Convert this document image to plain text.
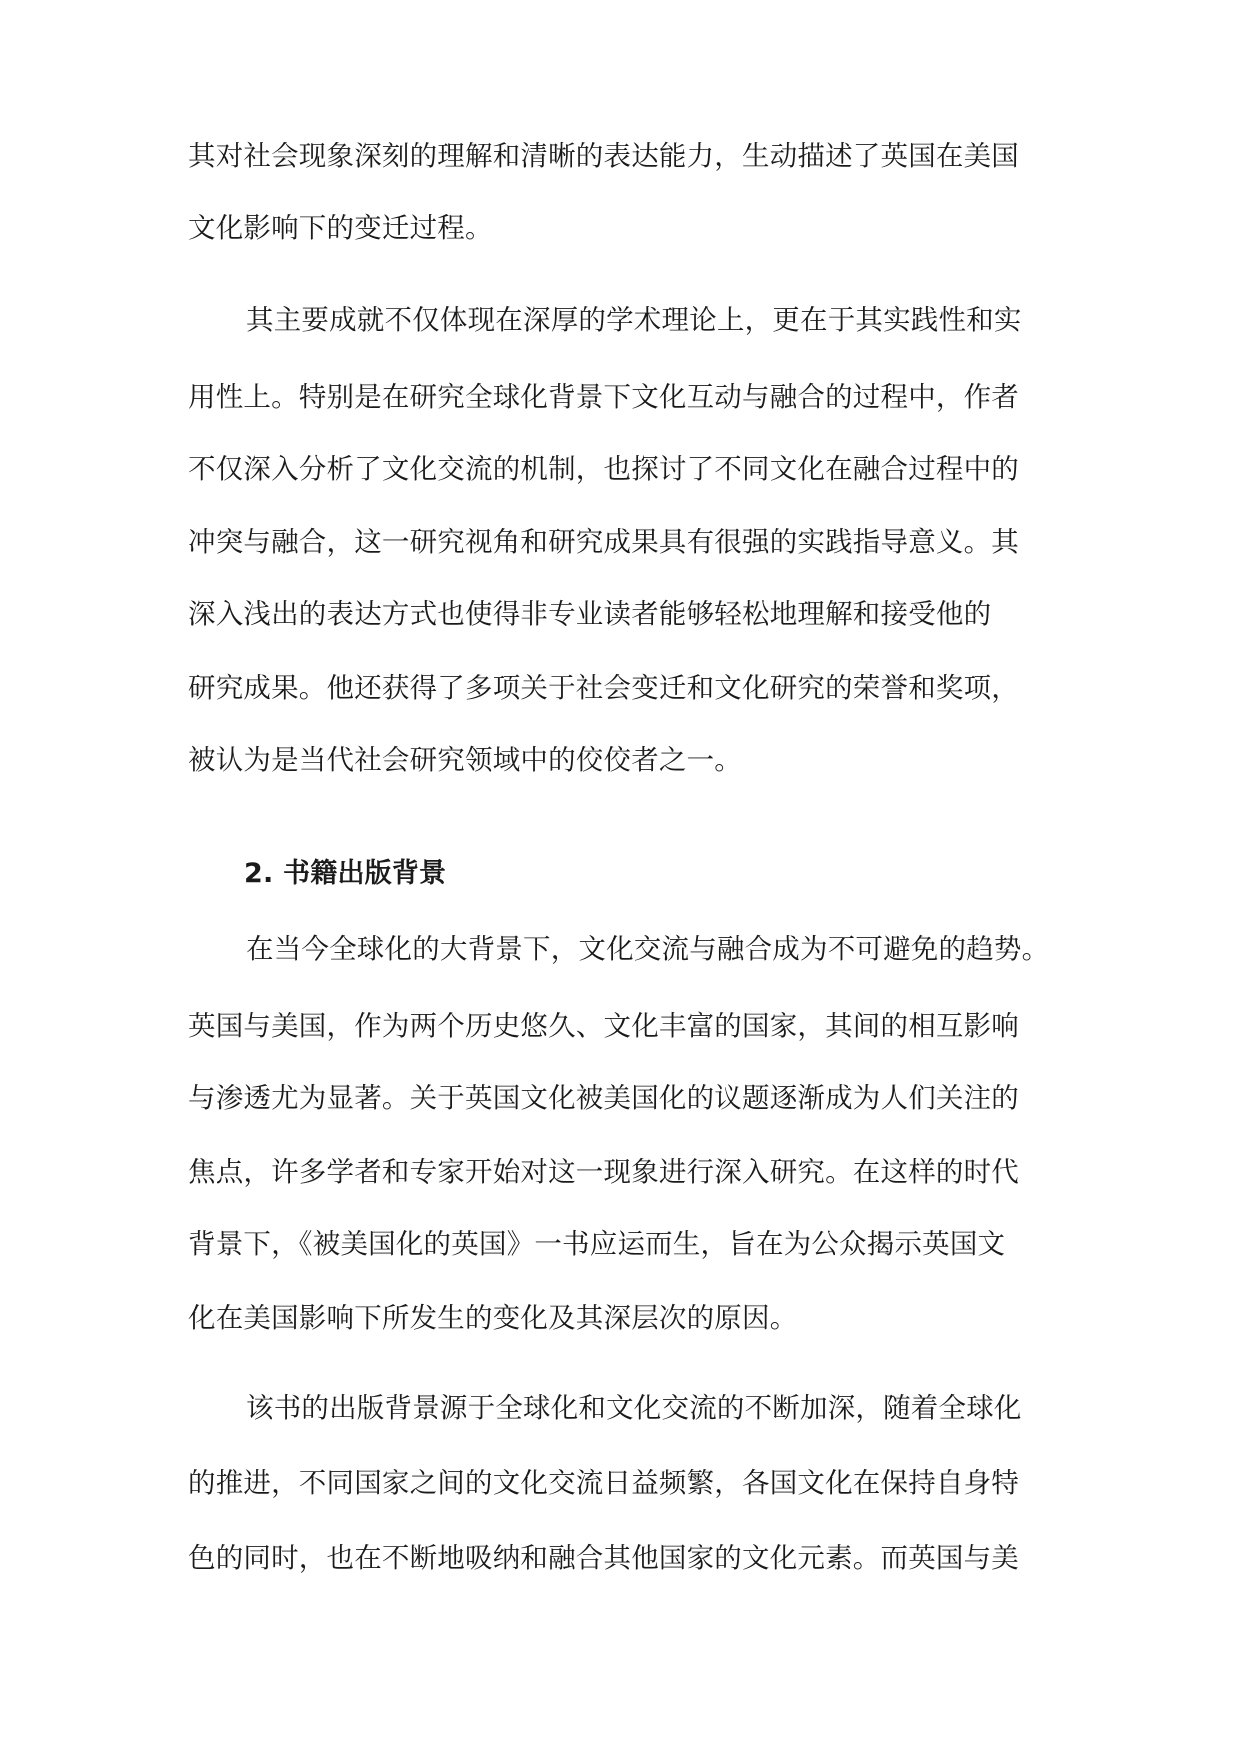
其对社会现象深刻的理解和清晰的表达能力，生动描述了英国在美国
文化影响下的变迁过程。
其主要成就不仅体现在深厚的学术理论上，更在于其实践性和实
用性上。特别是在研究全球化背景下文化互动与融合的过程中，作者
不仅深入分析了文化交流的机制，也探讨了不同文化在融合过程中的
冲突与融合，这一研究视角和研究成果具有很强的实践指导意义。其
深入浅出的表达方式也使得非专业读者能够轻松地理解和接受他的
研究成果。他还获得了多项关于社会变迁和文化研究的荣誉和奖项，
被认为是当代社会研究领域中的佼佼者之一。
2. 书籍出版背景
在当今全球化的大背景下，文化交流与融合成为不可避免的趋势。
英国与美国，作为两个历史悠久、文化丰富的国家，其间的相互影响
与渗透尤为显著。关于英国文化被美国化的议题逐渐成为人们关注的
焦点，许多学者和专家开始对这一现象进行深入研究。在这样的时代
背景下，《被美国化的英国》一书应运而生，旨在为公众揭示英国文
化在美国影响下所发生的变化及其深层次的原因。
该书的出版背景源于全球化和文化交流的不断加深，随着全球化
的推进，不同国家之间的文化交流日益频繁，各国文化在保持自身特
色的同时，也在不断地吸纳和融合其他国家的文化元素。而英国与美
